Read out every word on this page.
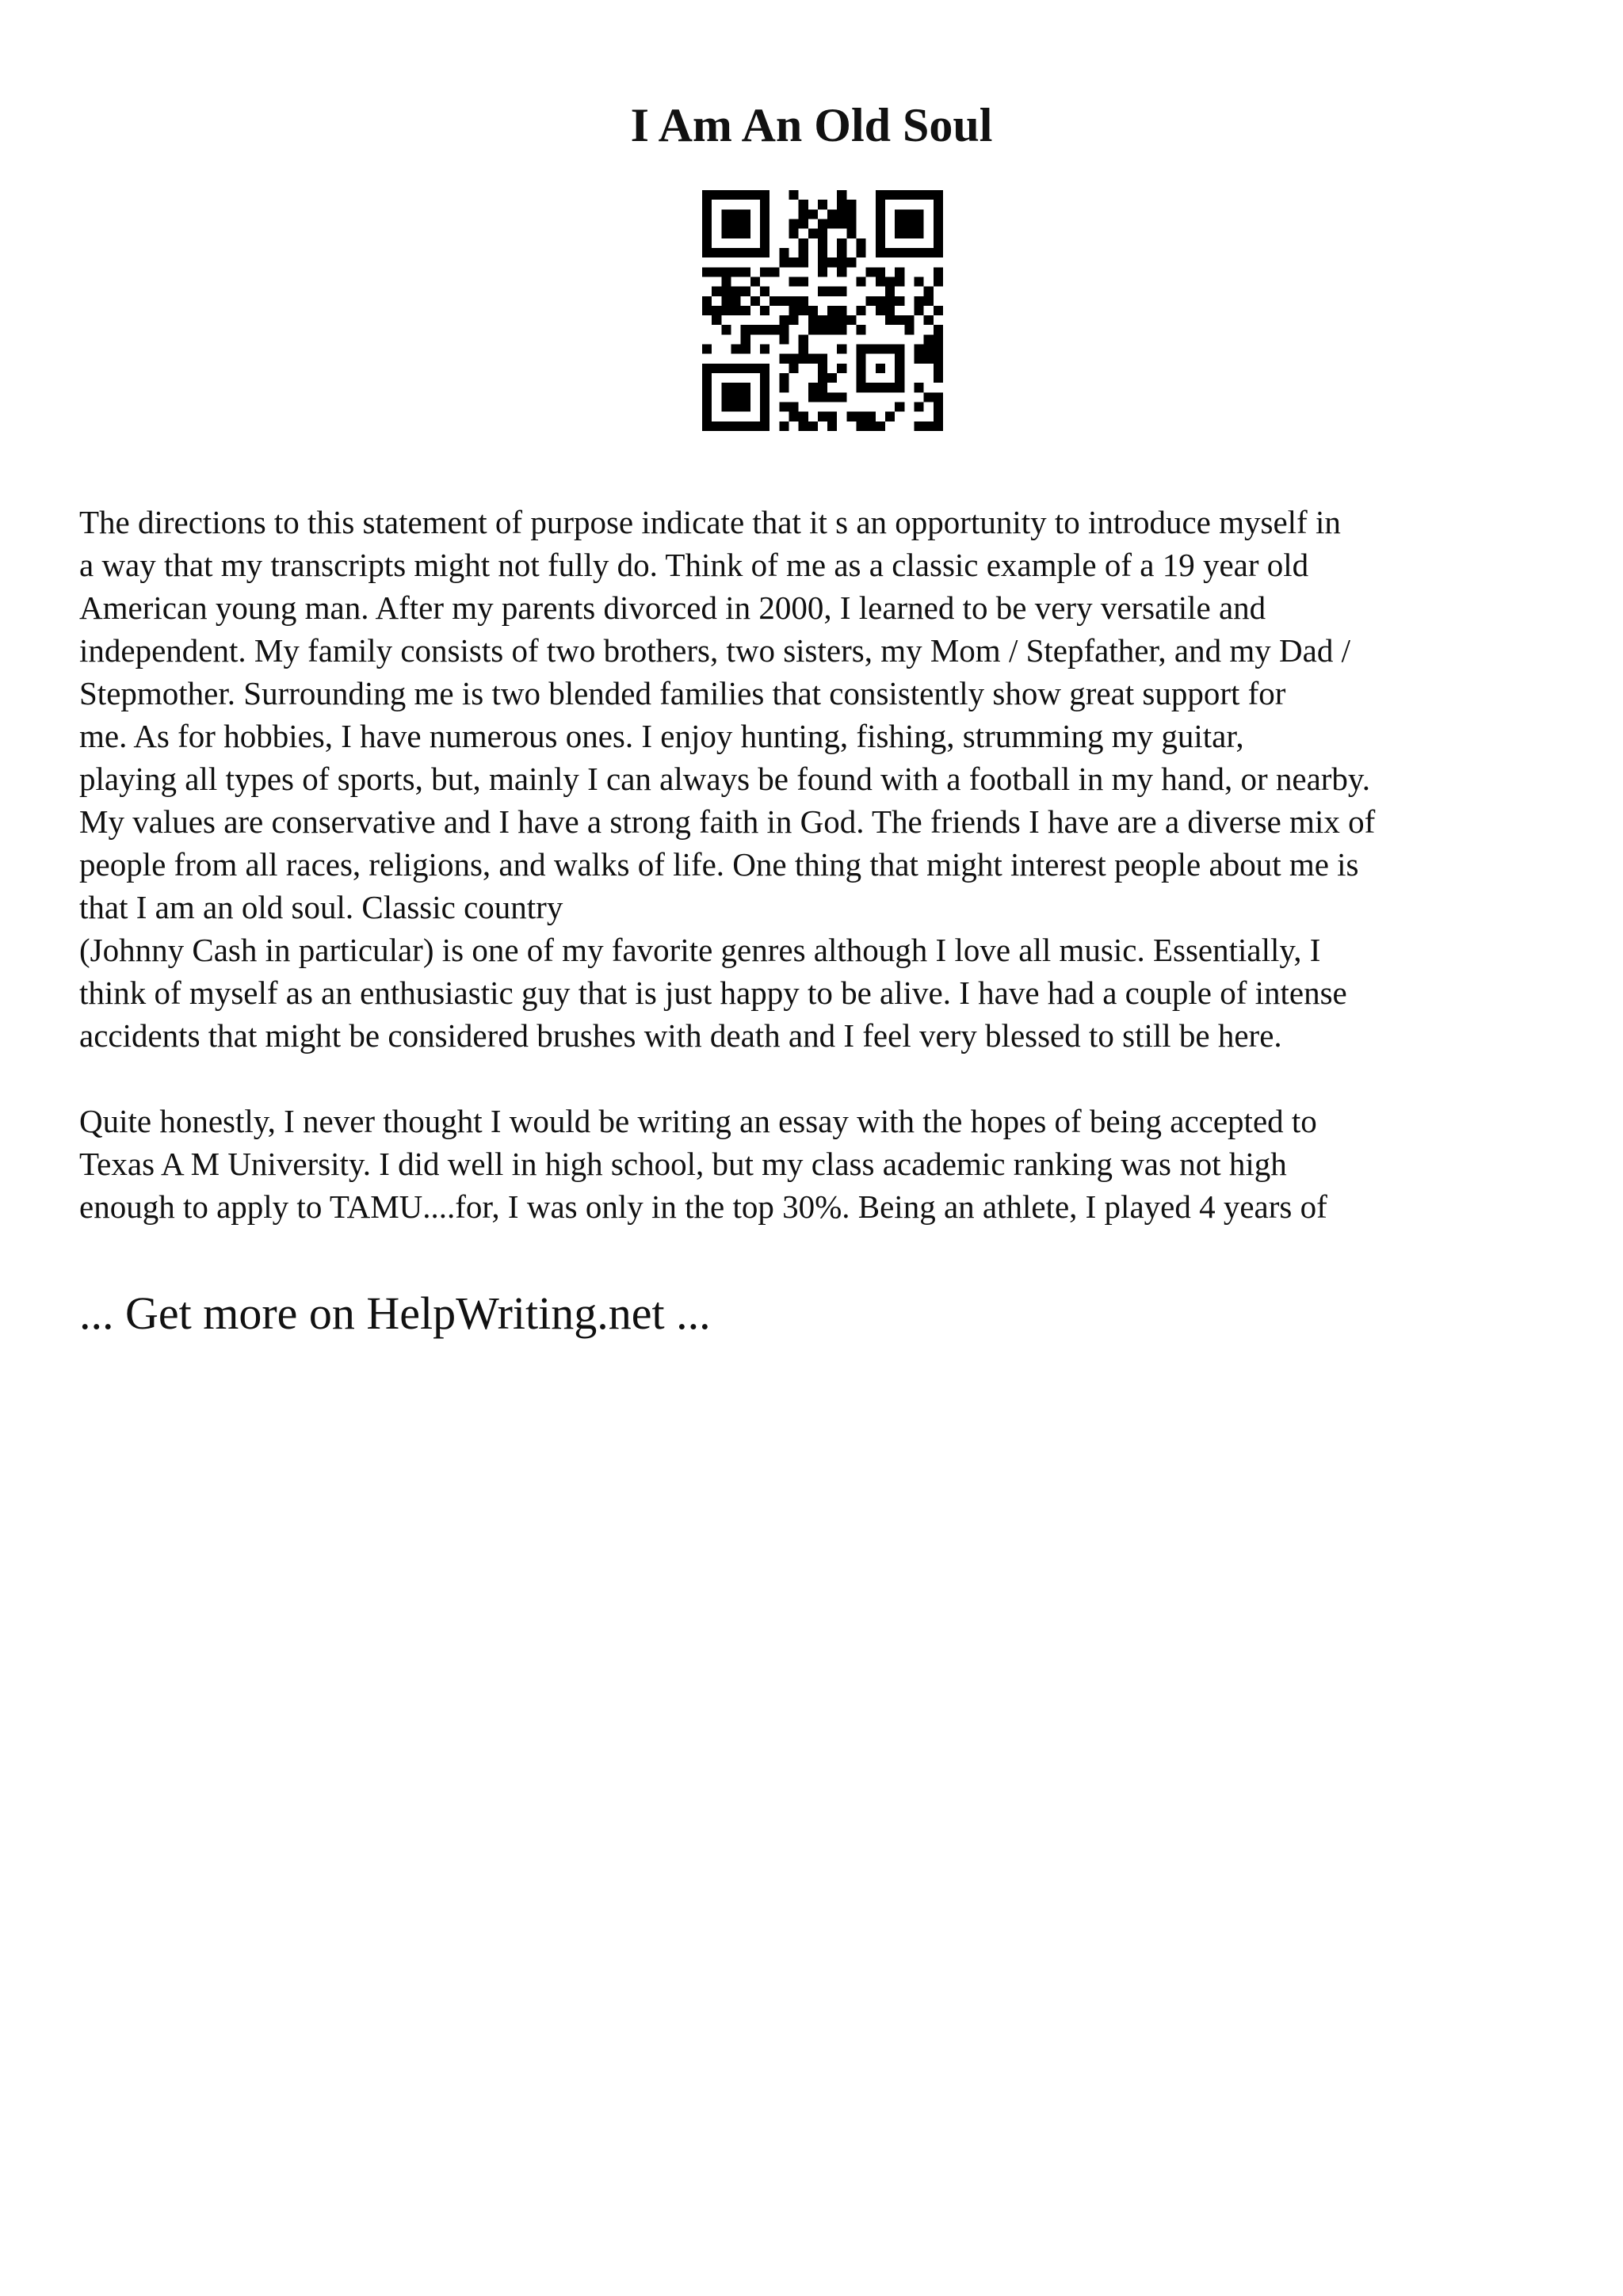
I Am An Old Soul

The directions to this statement of purpose indicate that it s an opportunity to introduce myself in
a way that my transcripts might not fully do. Think of me as a classic example of a 19 year old
American young man. After my parents divorced in 2000, I learned to be very versatile and
independent. My family consists of two brothers, two sisters, my Mom / Stepfather, and my Dad /
Stepmother. Surrounding me is two blended families that consistently show great support for
me. As for hobbies, I have numerous ones. I enjoy hunting, fishing, strumming my guitar,
playing all types of sports, but, mainly I can always be found with a football in my hand, or nearby.
My values are conservative and I have a strong faith in God. The friends I have are a diverse mix of
people from all races, religions, and walks of life. One thing that might interest people about me is
that I am an old soul. Classic country
(Johnny Cash in particular) is one of my favorite genres although I love all music. Essentially, I
think of myself as an enthusiastic guy that is just happy to be alive. I have had a couple of intense
accidents that might be considered brushes with death and I feel very blessed to still be here.

Quite honestly, I never thought I would be writing an essay with the hopes of being accepted to
Texas A M University. I did well in high school, but my class academic ranking was not high
enough to apply to TAMU....for, I was only in the top 30%. Being an athlete, I played 4 years of

... Get more on HelpWriting.net ...
